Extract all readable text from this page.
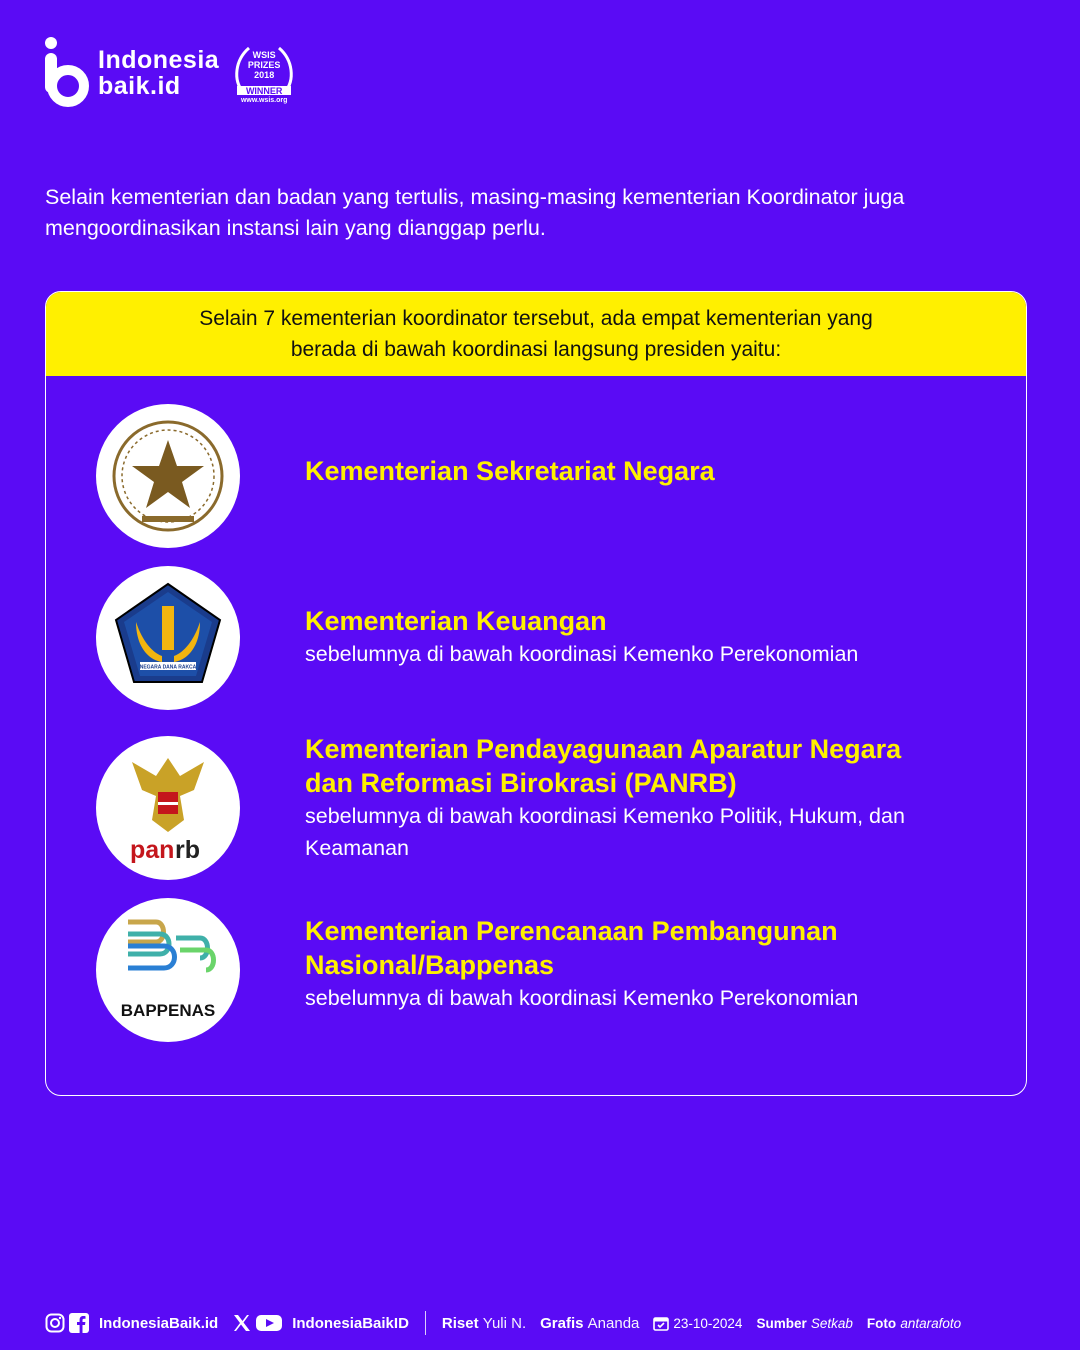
Indonesia
baik.id
WSIS
PRIZES
2018
WINNER
www.wsis.org
Selain kementerian dan badan yang tertulis, masing-masing kementerian Koordinator juga mengoordinasikan instansi lain yang dianggap perlu.

Selain 7 kementerian koordinator tersebut, ada empat kementerian yang berada di bawah koordinasi langsung presiden yaitu:

Kementerian Sekretariat Negara

NEGARA DANA RAKCA

Kementerian Keuangan

sebelumnya di bawah koordinasi Kemenko Perekonomian

pan rb

Kementerian Pendayagunaan Aparatur Negara dan Reformasi Birokrasi (PANRB)

sebelumnya di bawah koordinasi Kemenko Politik, Hukum, dan Keamanan

BAPPENAS

Kementerian Perencanaan Pembangunan Nasional/Bappenas

sebelumnya di bawah koordinasi Kemenko Perekonomian

IndonesiaBaik.id	IndonesiaBaikID Riset
Yuli N. Grafis
Ananda	23-10-2024 Sumber
Setkab Foto
antarafoto
